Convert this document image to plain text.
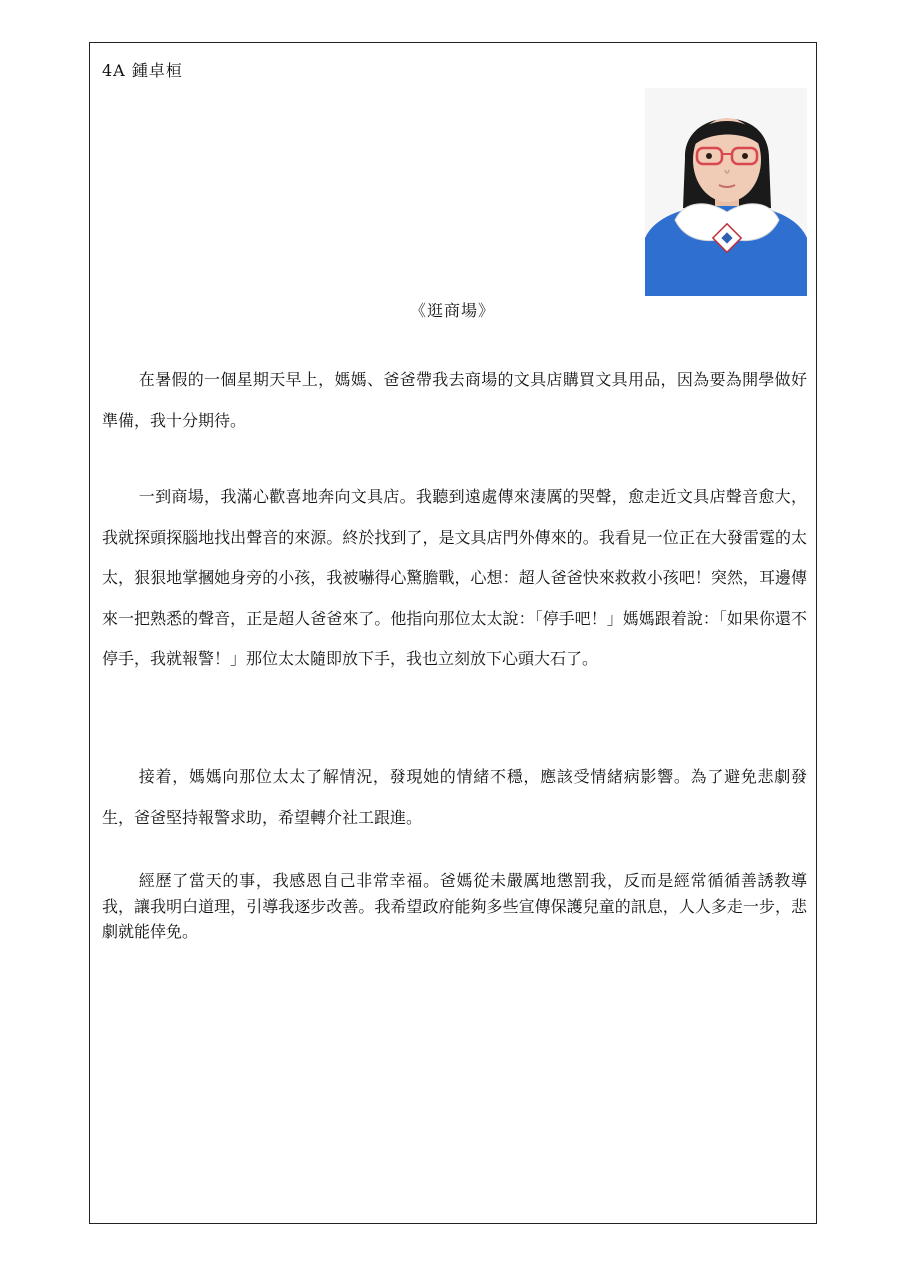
4A 鍾卓桓
《逛商場》

在暑假的一個星期天早上，媽媽、爸爸帶我去商場的文具店購買文具用品，因為要為開學做好準備，我十分期待。

一到商場，我滿心歡喜地奔向文具店。我聽到遠處傳來淒厲的哭聲，愈走近文具店聲音愈大，我就探頭探腦地找出聲音的來源。終於找到了，是文具店門外傳來的。我看見一位正在大發雷霆的太太，狠狠地掌摑她身旁的小孩，我被嚇得心驚膽戰，心想：超人爸爸快來救救小孩吧！突然，耳邊傳來一把熟悉的聲音，正是超人爸爸來了。他指向那位太太說：「停手吧！」媽媽跟着說：「如果你還不停手，我就報警！」那位太太隨即放下手，我也立刻放下心頭大石了。

接着，媽媽向那位太太了解情況，發現她的情緒不穩，應該受情緒病影響。為了避免悲劇發生，爸爸堅持報警求助，希望轉介社工跟進。

經歷了當天的事，我感恩自己非常幸福。爸媽從未嚴厲地懲罰我，反而是經常循循善誘教導我，讓我明白道理，引導我逐步改善。我希望政府能夠多些宣傳保護兒童的訊息，人人多走一步，悲劇就能倖免。
